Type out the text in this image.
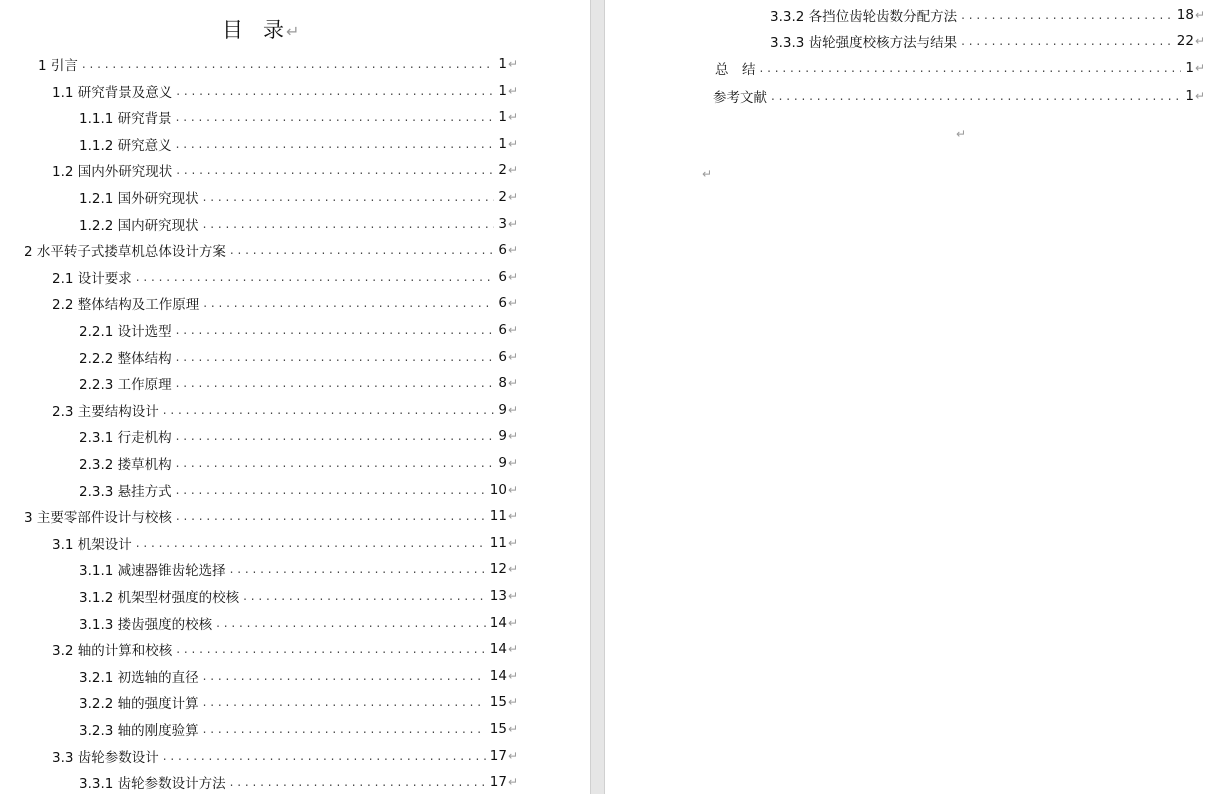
目 录↵
1 引言 . . .	1 ↵
1.1 研究背景及意义 . . .	1 ↵
1.1.1 研究背景 . . .	1 ↵
1.1.2 研究意义 . . .	1 ↵
1.2 国内外研究现状 . . .	2 ↵
1.2.1 国外研究现状 . . .	2 ↵
1.2.2 国内研究现状 . . .	3 ↵
2 水平转子式搂草机总体设计方案 . . .	6 ↵
2.1 设计要求 . . .	6 ↵
2.2 整体结构及工作原理 . . .	6 ↵
2.2.1 设计选型 . . .	6 ↵
2.2.2 整体结构 . . .	6 ↵
2.2.3 工作原理 . . .	8 ↵
2.3 主要结构设计 . . .	9 ↵
2.3.1 行走机构 . . .	9 ↵
2.3.2 搂草机构 . . .	9 ↵
2.3.3 悬挂方式 . . .	10 ↵
3 主要零部件设计与校核 . . .	11 ↵
3.1 机架设计 . . .	11 ↵
3.1.1 减速器锥齿轮选择 . . .	12 ↵
3.1.2 机架型材强度的校核 . . .	13 ↵
3.1.3 搂齿强度的校核 . . .	14 ↵
3.2 轴的计算和校核 . . .	14 ↵
3.2.1 初选轴的直径 . . .	14 ↵
3.2.2 轴的强度计算 . . .	15 ↵
3.2.3 轴的刚度验算 . . .	15 ↵
3.3 齿轮参数设计 . . .	17 ↵
3.3.1 齿轮参数设计方法 . . .	17 ↵
3.3.2 各挡位齿轮齿数分配方法 . . .	18 ↵
3.3.3 齿轮强度校核方法与结果 . . .	22 ↵
总　结 . . .	1 ↵
参考文献 . . .	1 ↵
↵
↵
